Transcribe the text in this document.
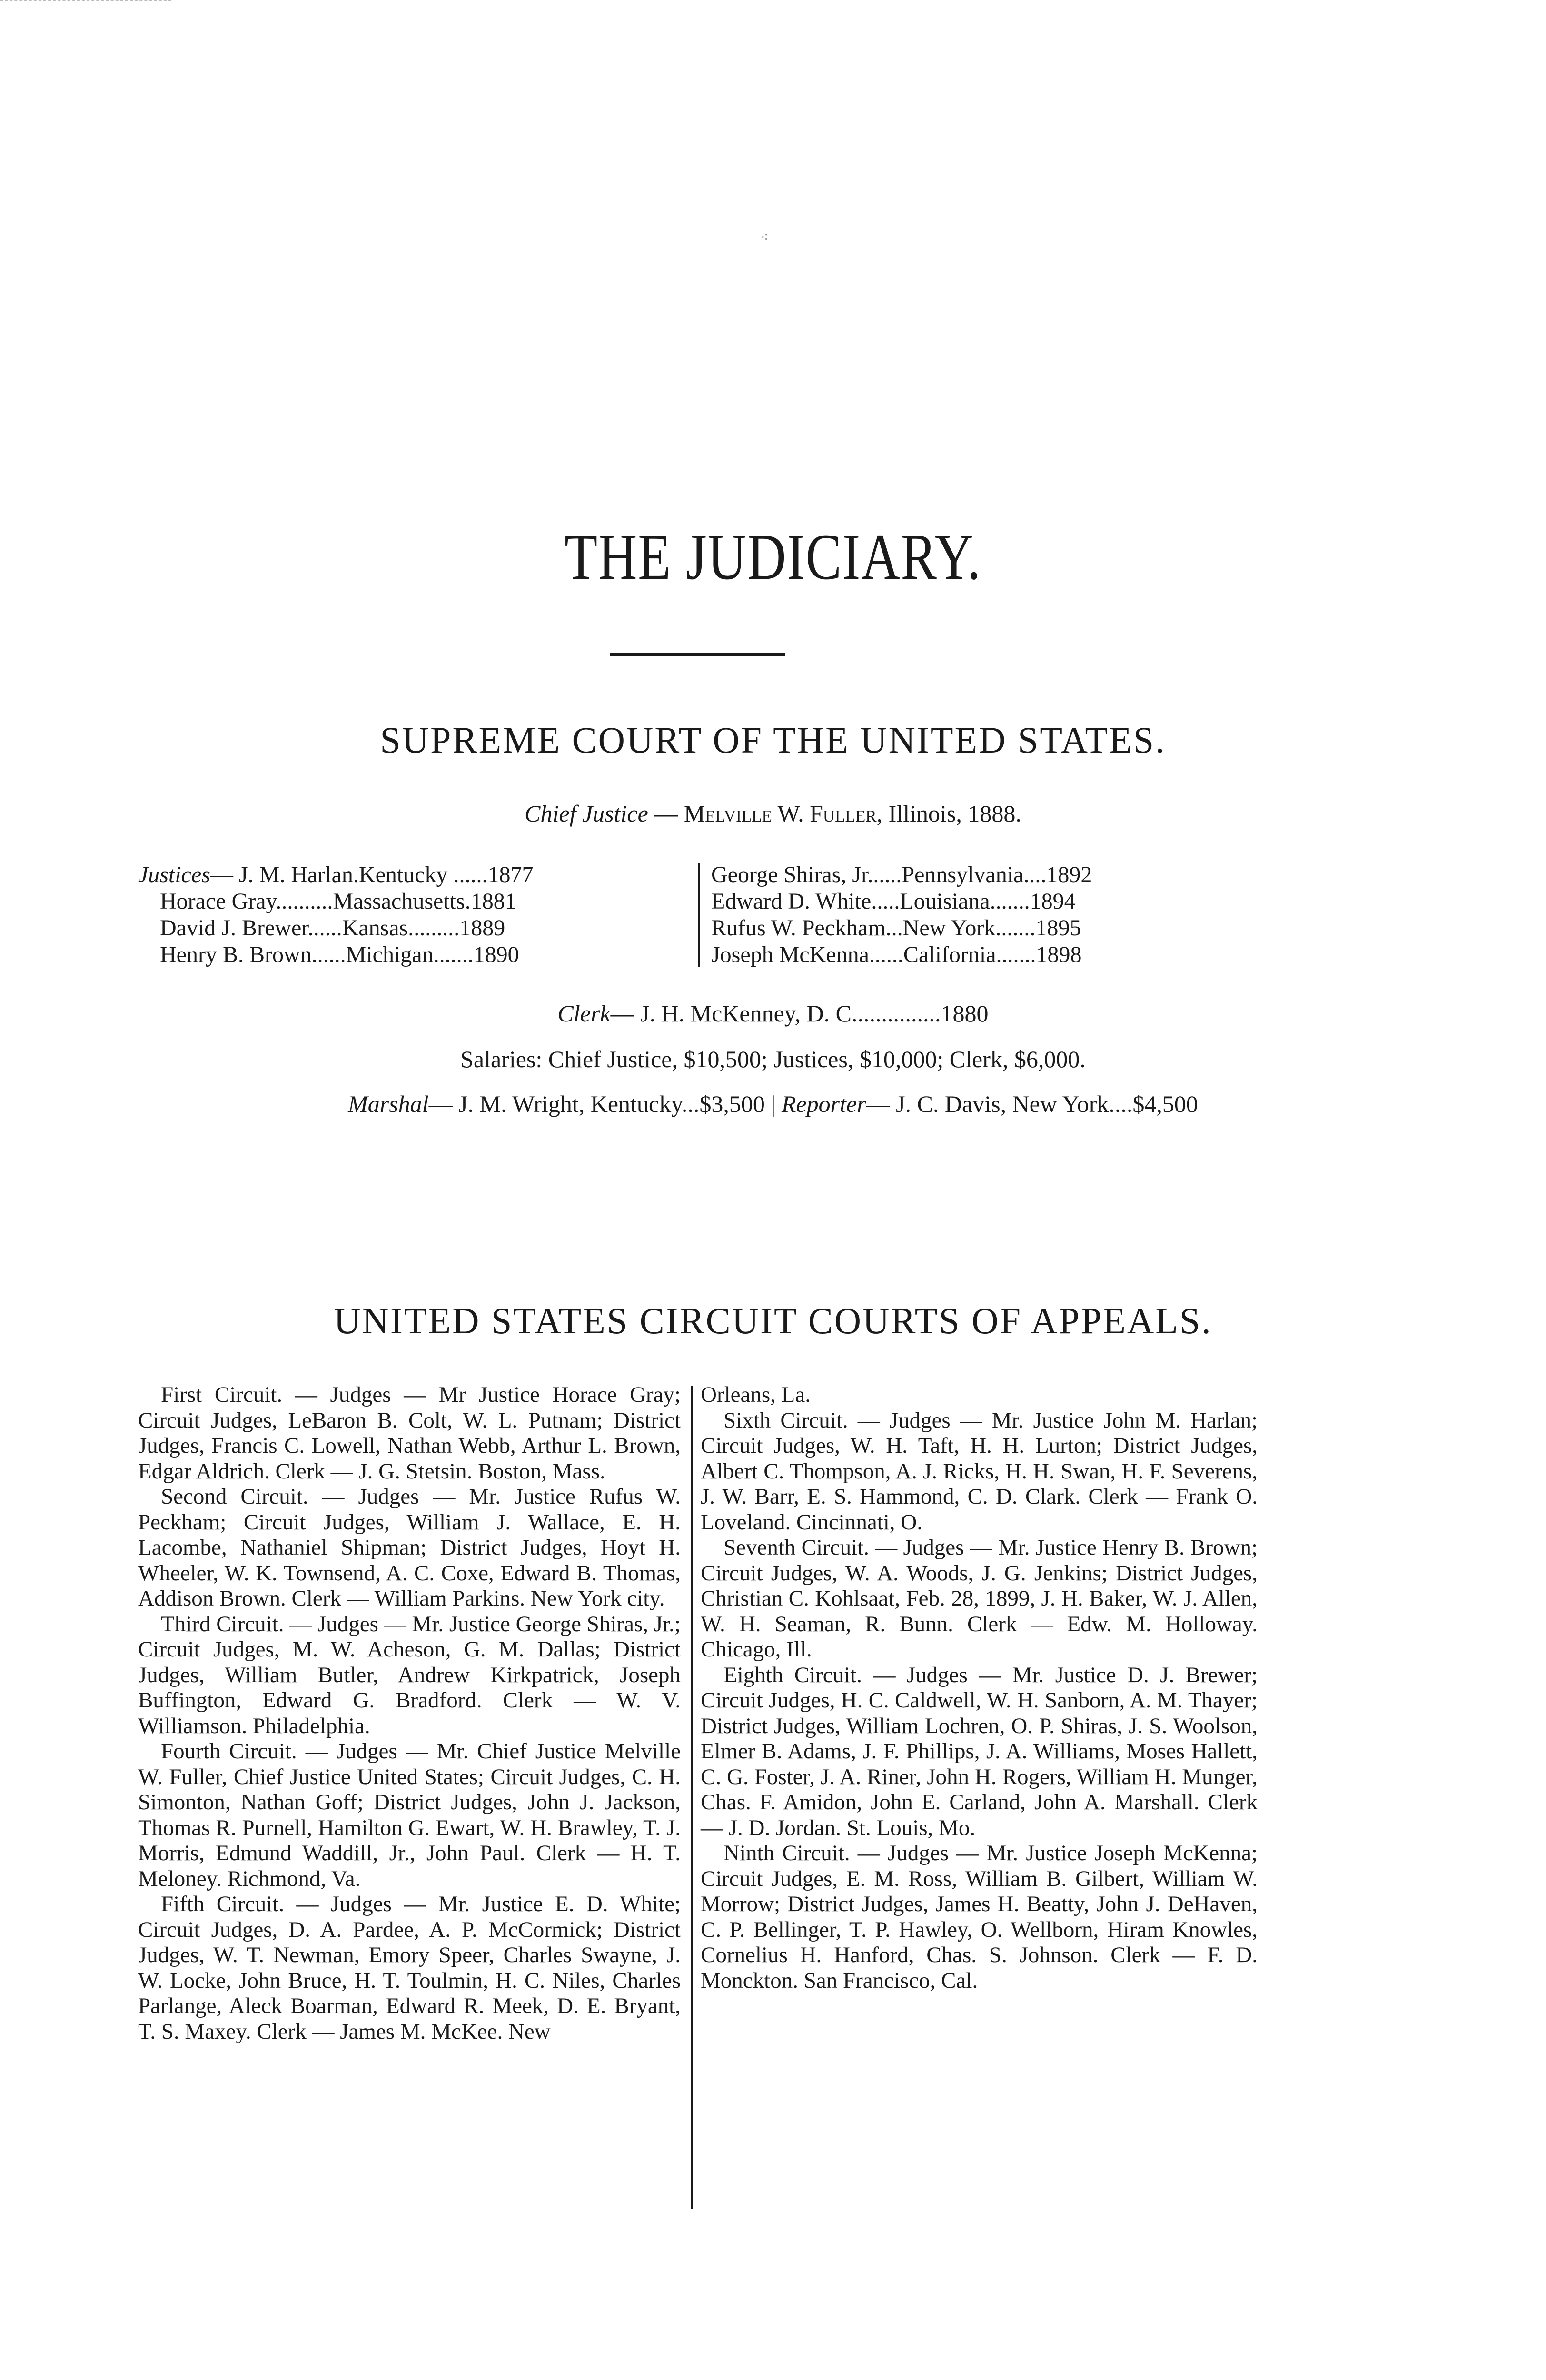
⁖
THE JUDICIARY.
SUPREME COURT OF THE UNITED STATES.
Chief Justice — Melville W. Fuller, Illinois, 1888.
Justices— J. M. Harlan.Kentucky ......1877
Horace Gray..........Massachusetts.1881
David J. Brewer......Kansas.........1889
Henry B. Brown......Michigan.......1890
George Shiras, Jr......Pennsylvania....1892
Edward D. White.....Louisiana.......1894
Rufus W. Peckham...New York.......1895
Joseph McKenna......California.......1898
Clerk— J. H. McKenney, D. C...............1880
Salaries: Chief Justice, $10,500; Justices, $10,000; Clerk, $6,000.
Marshal— J. M. Wright, Kentucky...$3,500 | Reporter— J. C. Davis, New York....$4,500
UNITED STATES CIRCUIT COURTS OF APPEALS.

First Circuit. — Judges — Mr Justice Horace Gray; Circuit Judges, LeBaron B. Colt, W. L. Putnam; District Judges, Francis C. Lowell, Nathan Webb, Arthur L. Brown, Edgar Aldrich. Clerk — J. G. Stetsin. Boston, Mass.

Second Circuit. — Judges — Mr. Justice Rufus W. Peckham; Circuit Judges, William J. Wallace, E. H. Lacombe, Nathaniel Shipman; District Judges, Hoyt H. Wheeler, W. K. Townsend, A. C. Coxe, Edward B. Thomas, Addison Brown. Clerk — William Parkins. New York city.

Third Circuit. — Judges — Mr. Justice George Shiras, Jr.; Circuit Judges, M. W. Acheson, G. M. Dallas; District Judges, William Butler, Andrew Kirkpatrick, Joseph Buffington, Edward G. Bradford. Clerk — W. V. Williamson. Philadelphia.

Fourth Circuit. — Judges — Mr. Chief Justice Melville W. Fuller, Chief Justice United States; Circuit Judges, C. H. Simonton, Nathan Goff; District Judges, John J. Jackson, Thomas R. Purnell, Hamilton G. Ewart, W. H. Brawley, T. J. Morris, Edmund Waddill, Jr., John Paul. Clerk — H. T. Meloney. Richmond, Va.

Fifth Circuit. — Judges — Mr. Justice E. D. White; Circuit Judges, D. A. Pardee, A. P. McCormick; District Judges, W. T. Newman, Emory Speer, Charles Swayne, J. W. Locke, John Bruce, H. T. Toulmin, H. C. Niles, Charles Parlange, Aleck Boarman, Edward R. Meek, D. E. Bryant, T. S. Maxey. Clerk — James M. McKee. New

Orleans, La.

Sixth Circuit. — Judges — Mr. Justice John M. Harlan; Circuit Judges, W. H. Taft, H. H. Lurton; District Judges, Albert C. Thompson, A. J. Ricks, H. H. Swan, H. F. Severens, J. W. Barr, E. S. Hammond, C. D. Clark. Clerk — Frank O. Loveland. Cincinnati, O.

Seventh Circuit. — Judges — Mr. Justice Henry B. Brown; Circuit Judges, W. A. Woods, J. G. Jenkins; District Judges, Christian C. Kohlsaat, Feb. 28, 1899, J. H. Baker, W. J. Allen, W. H. Seaman, R. Bunn. Clerk — Edw. M. Holloway. Chicago, Ill.

Eighth Circuit. — Judges — Mr. Justice D. J. Brewer; Circuit Judges, H. C. Caldwell, W. H. Sanborn, A. M. Thayer; District Judges, William Lochren, O. P. Shiras, J. S. Woolson, Elmer B. Adams, J. F. Phillips, J. A. Williams, Moses Hallett, C. G. Foster, J. A. Riner, John H. Rogers, William H. Munger, Chas. F. Amidon, John E. Carland, John A. Marshall. Clerk — J. D. Jordan. St. Louis, Mo.

Ninth Circuit. — Judges — Mr. Justice Joseph McKenna; Circuit Judges, E. M. Ross, William B. Gilbert, William W. Morrow; District Judges, James H. Beatty, John J. DeHaven, C. P. Bellinger, T. P. Hawley, O. Wellborn, Hiram Knowles, Cornelius H. Hanford, Chas. S. Johnson. Clerk — F. D. Monckton. San Francisco, Cal.
